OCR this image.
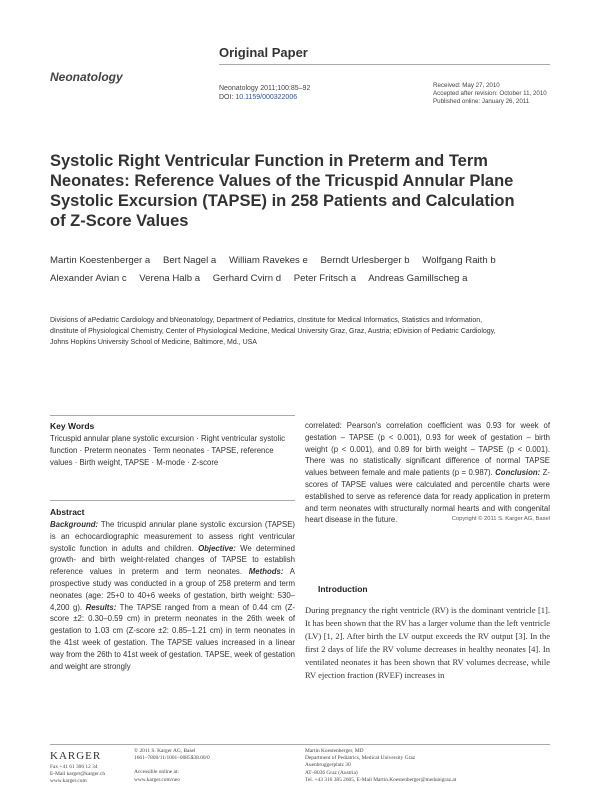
Original Paper
Neonatology
Neonatology 2011;100:85–92
DOI: 10.1159/000322006
Received: May 27, 2010
Accepted after revision: October 11, 2010
Published online: January 26, 2011
Systolic Right Ventricular Function in Preterm and Term Neonates: Reference Values of the Tricuspid Annular Plane Systolic Excursion (TAPSE) in 258 Patients and Calculation of Z-Score Values
Martin Koestenberger a Bert Nagel a William Ravekes e Berndt Urlesberger b Wolfgang Raith b Alexander Avian c Verena Halb a Gerhard Cvirn d Peter Fritsch a Andreas Gamillscheg a
Divisions of aPediatric Cardiology and bNeonatology, Department of Pediatrics, cInstitute for Medical Informatics, Statistics and Information, dInstitute of Physiological Chemistry, Center of Physiological Medicine, Medical University Graz, Graz, Austria; eDivision of Pediatric Cardiology, Johns Hopkins University School of Medicine, Baltimore, Md., USA
Key Words
Tricuspid annular plane systolic excursion · Right ventricular systolic function · Preterm neonates · Term neonates · TAPSE, reference values · Birth weight, TAPSE · M-mode · Z-score
Abstract
Background: The tricuspid annular plane systolic excursion (TAPSE) is an echocardiographic measurement to assess right ventricular systolic function in adults and children. Objective: We determined growth- and birth weight-related changes of TAPSE to establish reference values in preterm and term neonates. Methods: A prospective study was conducted in a group of 258 preterm and term neonates (age: 25+0 to 40+6 weeks of gestation, birth weight: 530–4,200 g). Results: The TAPSE ranged from a mean of 0.44 cm (Z-score ±2: 0.30–0.59 cm) in preterm neonates in the 26th week of gestation to 1.03 cm (Z-score ±2: 0.85–1.21 cm) in term neonates in the 41st week of gestation. The TAPSE values increased in a linear way from the 26th to 41st week of gestation. TAPSE, week of gestation and weight are strongly
correlated: Pearson's correlation coefficient was 0.93 for week of gestation – TAPSE (p < 0.001), 0.93 for week of gestation – birth weight (p < 0.001), and 0.89 for birth weight – TAPSE (p < 0.001). There was no statistically significant difference of normal TAPSE values between female and male patients (p = 0.987). Conclusion: Z-scores of TAPSE values were calculated and percentile charts were established to serve as reference data for ready application in preterm and term neonates with structurally normal hearts and with congenital heart disease in the future.	Copyright © 2011 S. Karger AG, Basel
Introduction
During pregnancy the right ventricle (RV) is the dominant ventricle [1]. It has been shown that the RV has a larger volume than the left ventricle (LV) [1, 2]. After birth the LV output exceeds the RV output [3]. In the first 2 days of life the RV volume decreases in healthy neonates [4]. In ventilated neonates it has been shown that RV volumes decrease, while RV ejection fraction (RVEF) increases in
KARGER
Fax +41 61 306 12 34
E-Mail karger@karger.ch
www.karger.com
© 2011 S. Karger AG, Basel
1661–7800/11/1001–0085$38.00/0
Accessible online at:
www.karger.com/neo
Martin Koestenberger, MD
Department of Pediatrics, Medical University Graz
Auenbruggerplatz 30
AT–8036 Graz (Austria)
Tel. +43 316 385 2605, E-Mail Martin.Koestenberger@medunigraz.at
